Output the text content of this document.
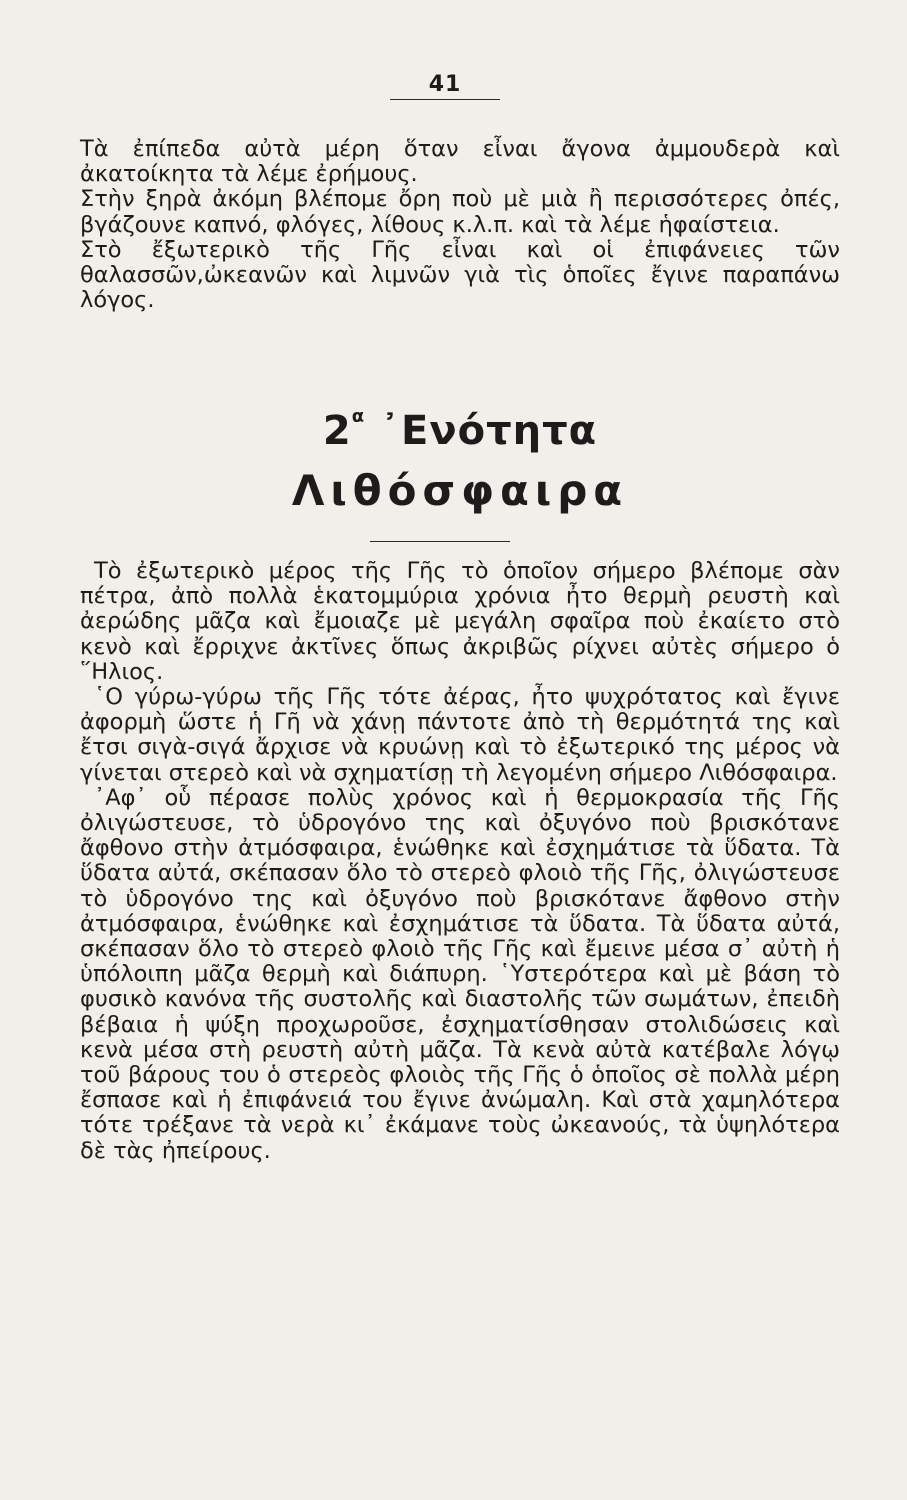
41

Τὰ ἐπίπεδα αὐτὰ μέρη ὅταν εἶναι ἄγονα ἀμμουδερὰ καὶ ἀκατοίκητα τὰ λέμε ἐρήμους.

Στὴν ξηρὰ ἀκόμη βλέπομε ὄρη ποὺ μὲ μιὰ ἢ περισσότερες ὀπές, βγάζουνε καπνό, φλόγες, λίθους κ.λ.π. καὶ τὰ λέμε ἡφαίστεια.

Στὸ ἔξωτερικὸ τῆς Γῆς εἶναι καὶ οἱ ἐπιφάνειες τῶν θαλασσῶν,ὠκεανῶν καὶ λιμνῶν γιὰ τὶς ὁποῖες ἔγινε παραπάνω λόγος.

$2^\alpha$ ᾿Ενότητα
Λιθόσφαιρα

Τὸ ἐξωτερικὸ μέρος τῆς Γῆς τὸ ὁποῖον σήμερο βλέπομε σὰν πέτρα, ἀπὸ πολλὰ ἑκατομμύρια χρόνια ἦτο θερμὴ ρευστὴ καὶ ἀερώδης μᾶζα καὶ ἔμοιαζε μὲ μεγάλη σφαῖρα ποὺ ἐκαίετο στὸ κενὸ καὶ ἔρριχνε ἀκτῖνες ὅπως ἀκριβῶς ρίχνει αὐτὲς σήμερο ὁ ῞Ηλιος.

῾Ο γύρω-γύρω τῆς Γῆς τότε ἀέρας, ἦτο ψυχρότατος καὶ ἔγινε ἀφορμὴ ὥστε ἡ Γῆ νὰ χάνῃ πάντοτε ἀπὸ τὴ θερμότητά της καὶ ἔτσι σιγὰ-σιγά ἄρχισε νὰ κρυώνῃ καὶ τὸ ἐξωτερικό της μέρος νὰ γίνεται στερεὸ καὶ νὰ σχηματίσῃ τὴ λεγομένη σήμερο Λιθόσφαιρα.

᾿Αφ᾿ οὗ πέρασε πολὺς χρόνος καὶ ἡ θερμοκρασία τῆς Γῆς ὀλιγώστευσε, τὸ ὑδρογόνο της καὶ ὀξυγόνο ποὺ βρισκότανε ἄφθονο στὴν ἀτμόσφαιρα, ἑνώθηκε καὶ ἐσχημάτισε τὰ ὕδατα. Τὰ ὕδατα αὐτά, σκέπασαν ὅλο τὸ στερεὸ φλοιὸ τῆς Γῆς, ὀλιγώστευσε τὸ ὑδρογόνο της καὶ ὀξυγόνο ποὺ βρισκότανε ἄφθονο στὴν ἀτμόσφαιρα, ἑνώθηκε καὶ ἐσχημάτισε τὰ ὕδατα. Τὰ ὕδατα αὐτά, σκέπασαν ὅλο τὸ στερεὸ φλοιὸ τῆς Γῆς καὶ ἔμεινε μέσα σ᾿ αὐτὴ ἡ ὑπόλοιπη μᾶζα θερμὴ καὶ διάπυρη. ῾Υστερότερα καὶ μὲ βάση τὸ φυσικὸ κανόνα τῆς συστολῆς καὶ διαστολῆς τῶν σωμάτων, ἐπειδὴ βέβαια ἡ ψύξη προχωροῦσε, ἐσχηματίσθησαν στολιδώσεις καὶ κενὰ μέσα στὴ ρευστὴ αὐτὴ μᾶζα. Τὰ κενὰ αὐτὰ κατέβαλε λόγῳ τοῦ βάρους του ὁ στερεὸς φλοιὸς τῆς Γῆς ὁ ὁποῖος σὲ πολλὰ μέρη ἔσπασε καὶ ἡ ἐπιφάνειά του ἔγινε ἀνώμαλη. Καὶ στὰ χαμηλότερα τότε τρέξανε τὰ νερὰ κι᾿ ἐκάμανε τοὺς ὠκεανούς, τὰ ὑψηλότερα δὲ τὰς ἠπείρους.
